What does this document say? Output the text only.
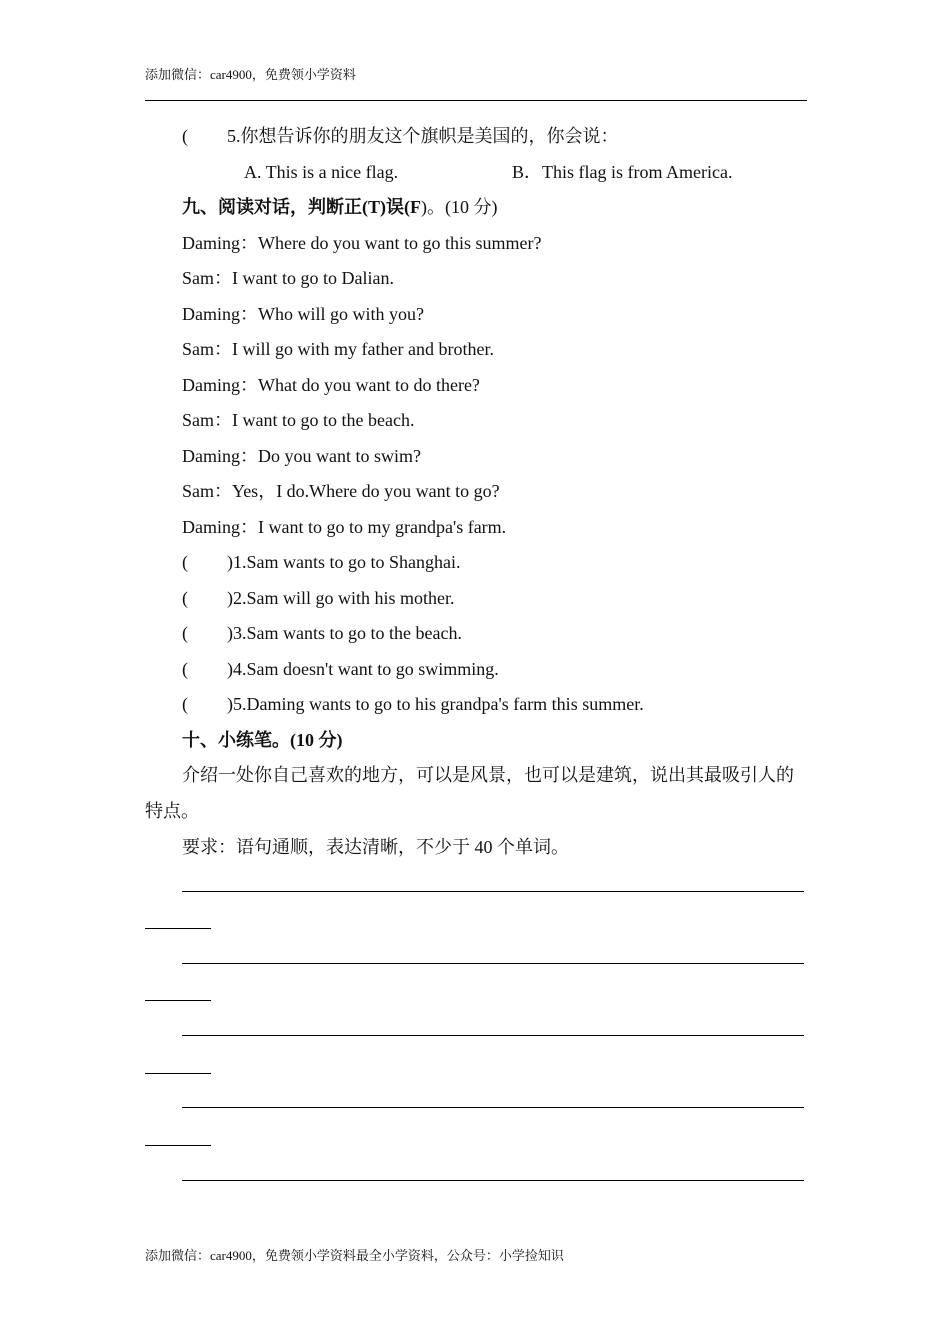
添加微信：car4900，免费领小学资料
( 5.你想告诉你的朋友这个旗帜是美国的，你会说：
A. This is a nice flag.	B．This flag is from America.
九、阅读对话，判断正(T)误(F)。(10 分)
Daming：Where do you want to go this summer?
Sam：I want to go to Dalian.
Daming：Who will go with you?
Sam：I will go with my father and brother.
Daming：What do you want to do there?
Sam：I want to go to the beach.
Daming：Do you want to swim?
Sam：Yes，I do.Where do you want to go?
Daming：I want to go to my grandpa's farm.
( )1.Sam wants to go to Shanghai.
( )2.Sam will go with his mother.
( )3.Sam wants to go to the beach.
( )4.Sam doesn't want to go swimming.
( )5.Daming wants to go to his grandpa's farm this summer.
十、小练笔。(10 分)
介绍一处你自己喜欢的地方，可以是风景，也可以是建筑，说出其最吸引人的特点。
要求：语句通顺，表达清晰，不少于 40 个单词。
添加微信：car4900，免费领小学资料最全小学资料，公众号：小学捡知识
